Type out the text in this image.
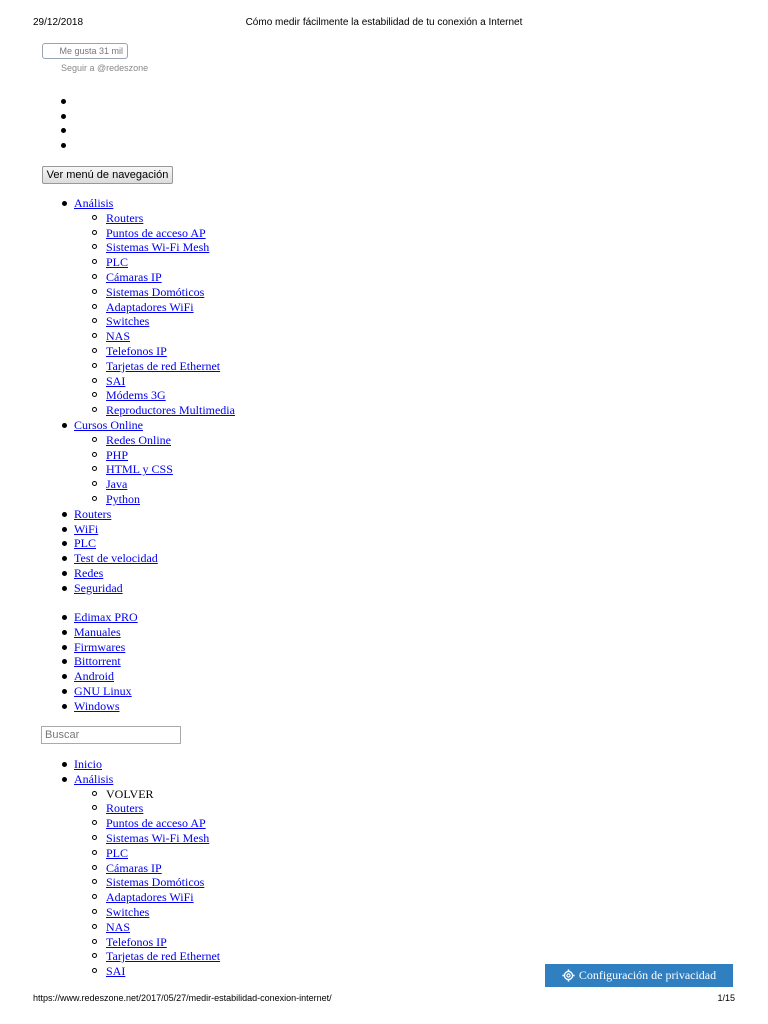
29/12/2018	Cómo medir fácilmente la estabilidad de tu conexión a Internet
Me gusta 31 mil
Seguir a @redeszone
Ver menú de navegación
Análisis
Routers
Puntos de acceso AP
Sistemas Wi-Fi Mesh
PLC
Cámaras IP
Sistemas Domóticos
Adaptadores WiFi
Switches
NAS
Telefonos IP
Tarjetas de red Ethernet
SAI
Módems 3G
Reproductores Multimedia
Cursos Online
Redes Online
PHP
HTML y CSS
Java
Python
Routers
WiFi
PLC
Test de velocidad
Redes
Seguridad
Edimax PRO
Manuales
Firmwares
Bittorrent
Android
GNU Linux
Windows
Buscar
Inicio
Análisis
VOLVER
Routers
Puntos de acceso AP
Sistemas Wi-Fi Mesh
PLC
Cámaras IP
Sistemas Domóticos
Adaptadores WiFi
Switches
NAS
Telefonos IP
Tarjetas de red Ethernet
SAI	Configuración de privacidad
https://www.redeszone.net/2017/05/27/medir-estabilidad-conexion-internet/	1/15
